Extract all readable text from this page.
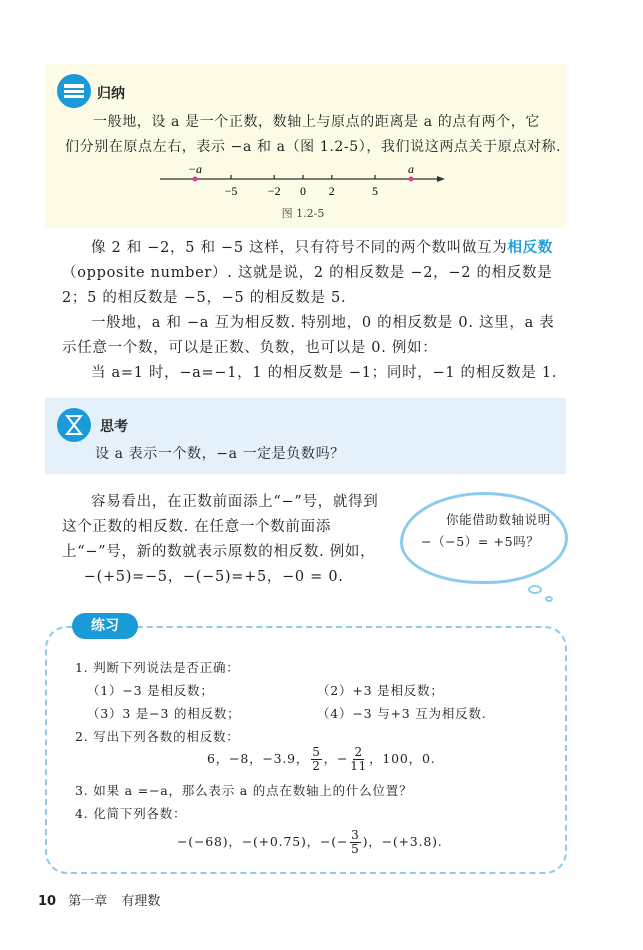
归纳
一般地，设 a 是一个正数，数轴上与原点的距离是 a 的点有两个，它
们分别在原点左右，表示 −a 和 a（图 1.2-5），我们说这两点关于原点对称.
−5	−2 0 2	5
−a	a
图 1.2-5

像 2 和 −2，5 和 −5 这样，只有符号不同的两个数叫做互为相反数（opposite number）. 这就是说，2 的相反数是 −2，−2 的相反数是 2；5 的相反数是 −5，−5 的相反数是 5.

一般地，a 和 −a 互为相反数. 特别地，0 的相反数是 0. 这里，a 表示任意一个数，可以是正数、负数，也可以是 0. 例如：

当 a=1 时，−a=−1，1 的相反数是 −1；同时，−1 的相反数是 1.

思考
设 a 表示一个数，−a 一定是负数吗？

容易看出，在正数前面添上“−”号，就得到这个正数的相反数. 在任意一个数前面添上“−”号，新的数就表示原数的相反数. 例如，

−(+5)=−5，−(−5)=+5，−0 = 0.

你能借助数轴说明 −（−5）= +5吗？
1. 判断下列说法是否正确：
（1）−3 是相反数；	（2）+3 是相反数；
（3）3 是−3 的相反数；	（4）−3 与+3 互为相反数.
2. 写出下列各数的相反数：
6，−8，−3.9， $\frac{5}{2}$ ，− $\frac{2}{11}$ ，100，0.
3. 如果 a =−a，那么表示 a 的点在数轴上的什么位置？
4. 化简下列各数：
−(−68)，−(+0.75)，−(− $\frac{3}{5}$ )，−(+3.8).
练习
10 第一章 有理数
